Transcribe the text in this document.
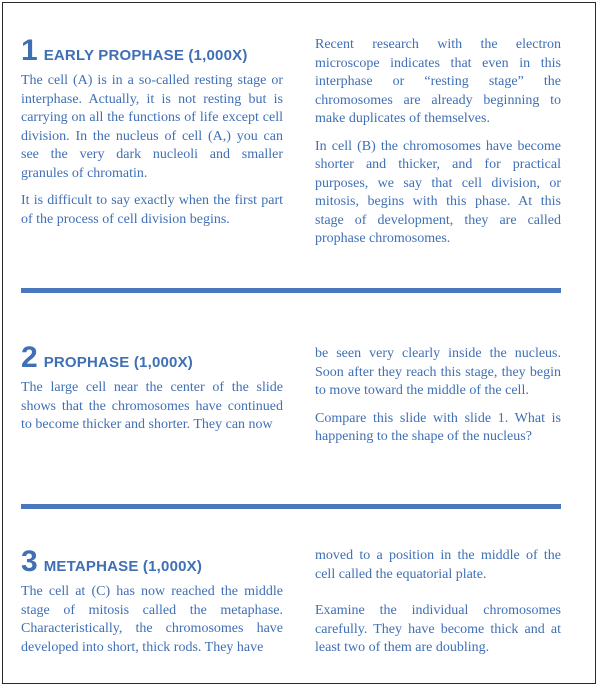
1 EARLY PROPHASE (1,000X)

The cell (A) is in a so-called resting stage or interphase. Actually, it is not resting but is carrying on all the functions of life except cell division. In the nucleus of cell (A,) you can see the very dark nucleoli and smaller granules of chromatin.

It is difficult to say exactly when the first part of the process of cell division begins.

Recent research with the electron microscope indicates that even in this interphase or “resting stage” the chromosomes are already beginning to make duplicates of themselves.

In cell (B) the chromosomes have become shorter and thicker, and for practical purposes, we say that cell division, or mitosis, begins with this phase. At this stage of development, they are called prophase chromosomes.

2 PROPHASE (1,000X)

The large cell near the center of the slide shows that the chromosomes have continued to become thicker and shorter. They can now

be seen very clearly inside the nucleus. Soon after they reach this stage, they begin to move toward the middle of the cell.

Compare this slide with slide 1. What is happening to the shape of the nucleus?

3 METAPHASE (1,000X)

The cell at (C) has now reached the middle stage of mitosis called the metaphase. Characteristically, the chromosomes have developed into short, thick rods. They have

moved to a position in the middle of the cell called the equatorial plate.

Examine the individual chromosomes carefully. They have become thick and at least two of them are doubling.
